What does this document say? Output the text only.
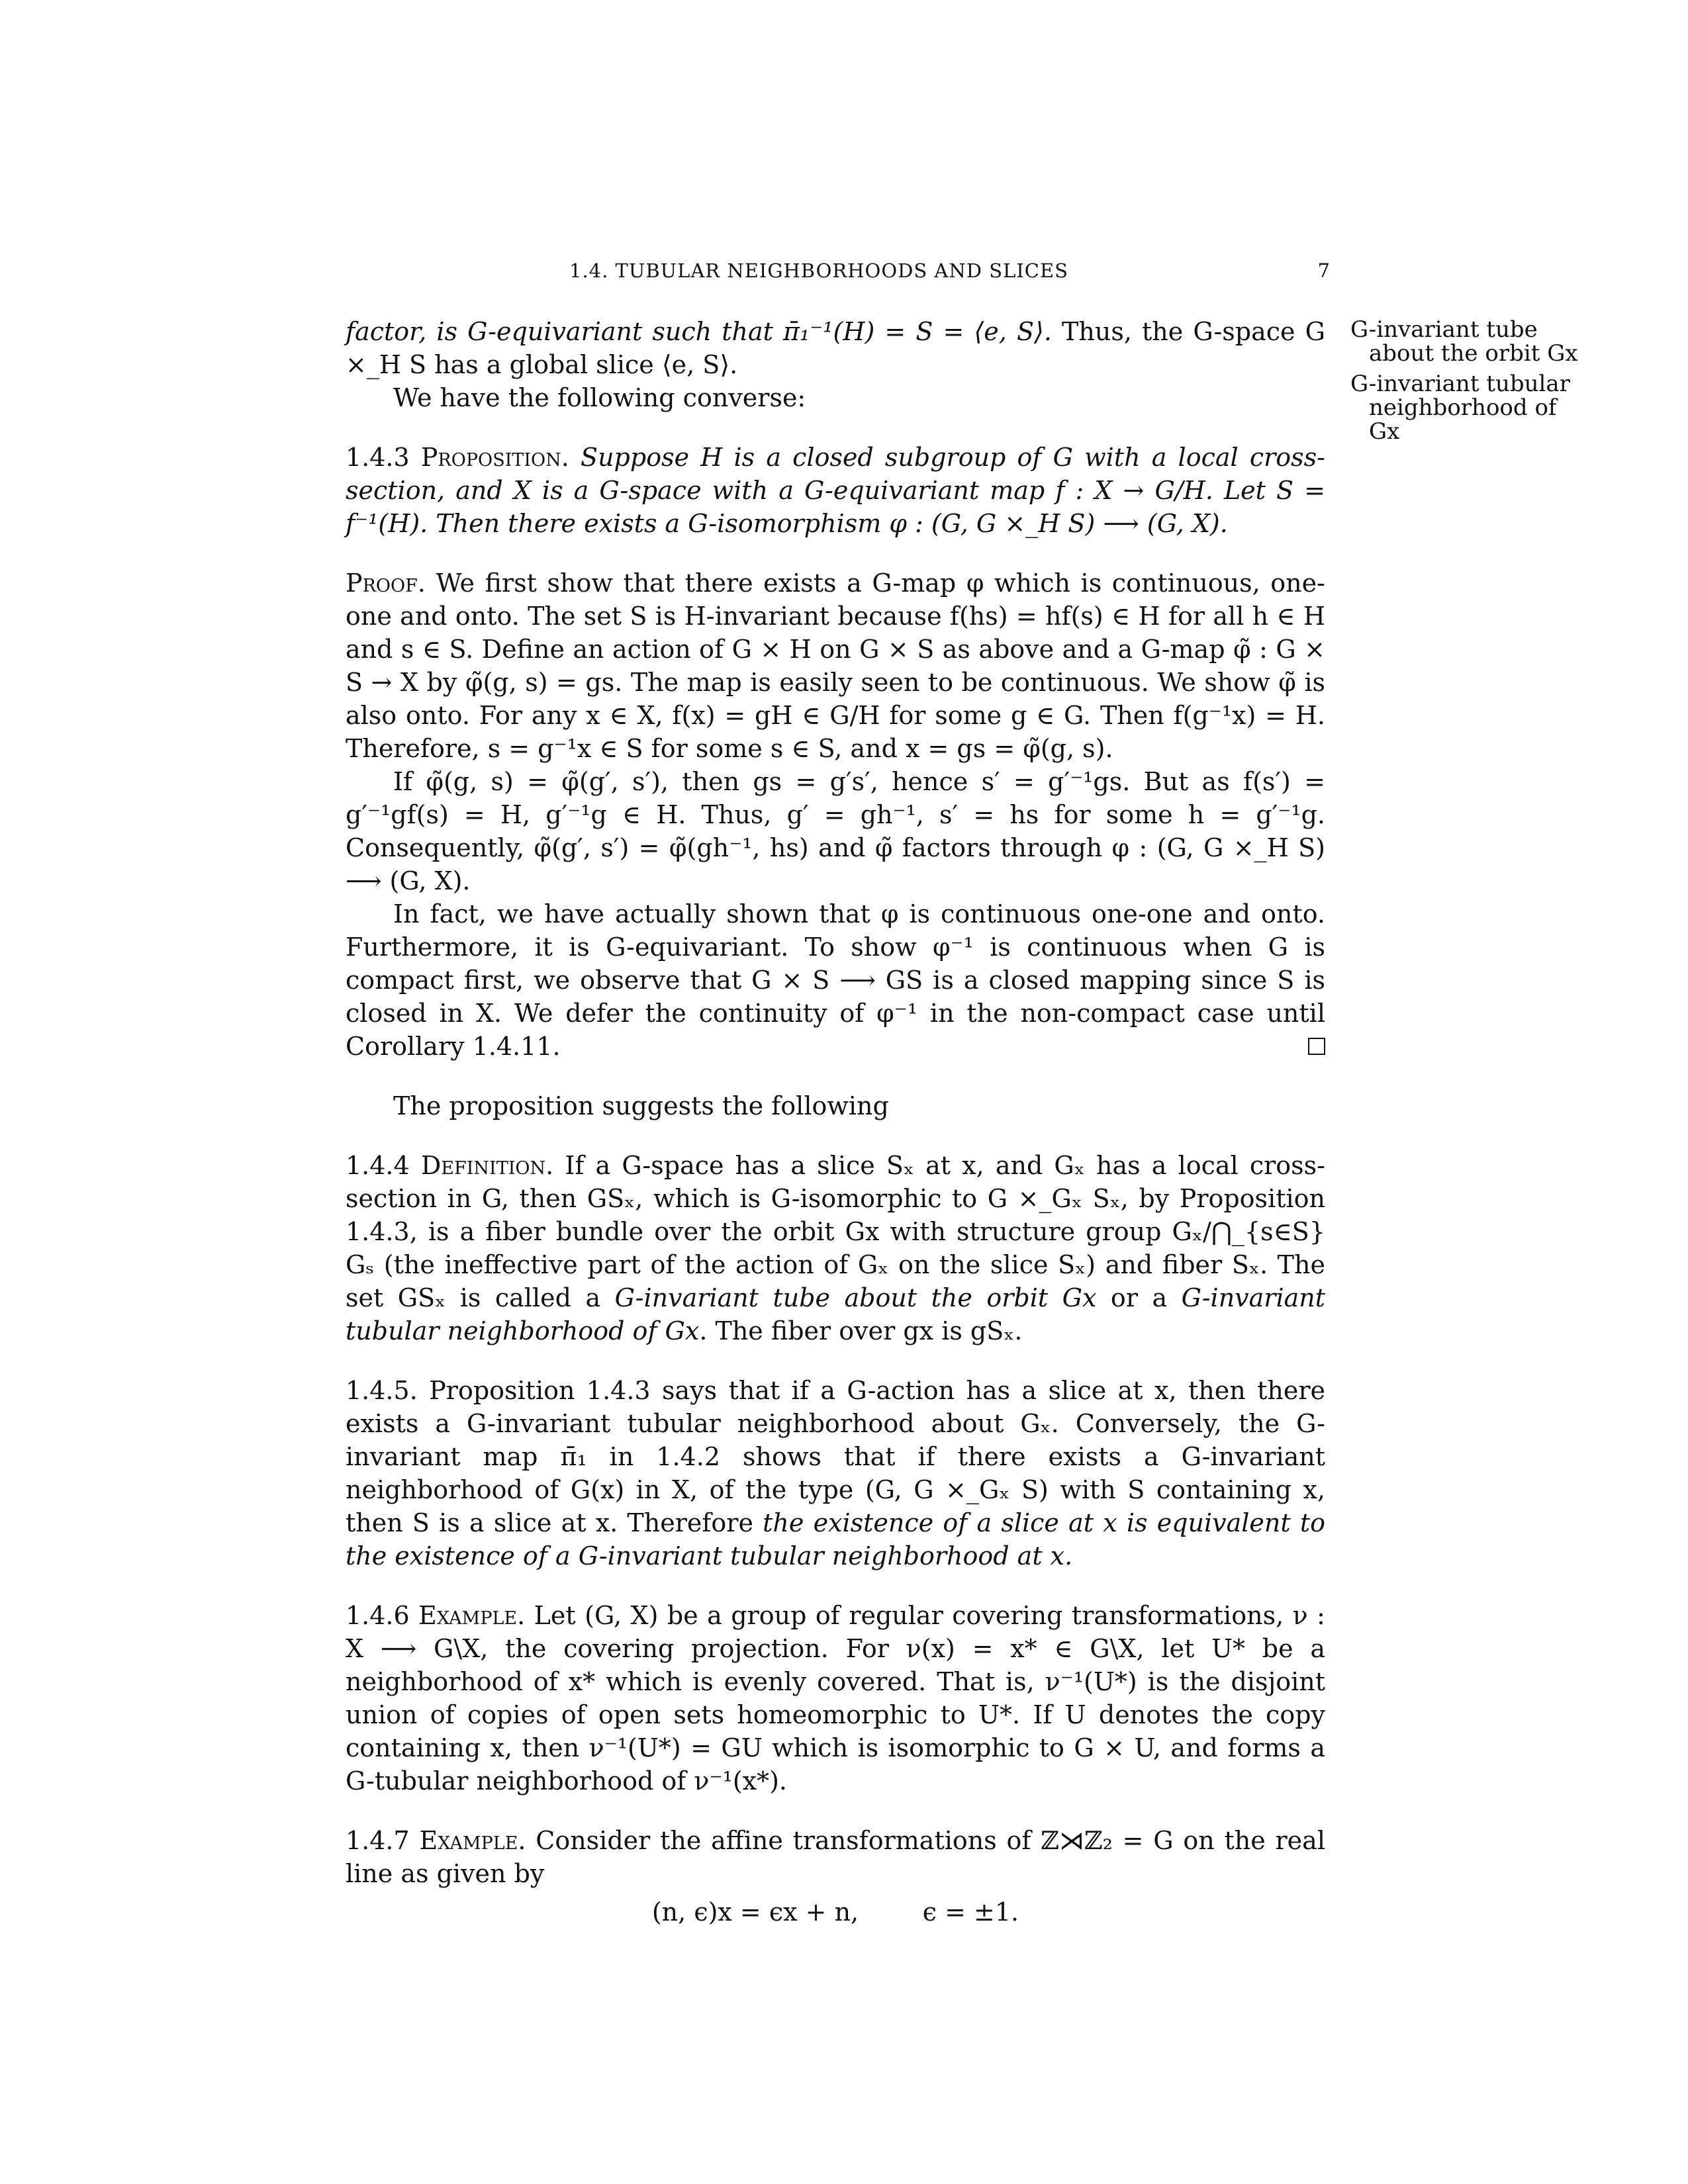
1.4. TUBULAR NEIGHBORHOODS AND SLICES	7
G-invariant tube
about the orbit Gx
G-invariant tubular
neighborhood of
Gx

factor, is G-equivariant such that π̄₁⁻¹(H) = S = ⟨e, S⟩. Thus, the G-space G ×_H S has a global slice ⟨e, S⟩.

We have the following converse:

1.4.3 Proposition. Suppose H is a closed subgroup of G with a local cross-section, and X is a G-space with a G-equivariant map f : X → G/H. Let S = f⁻¹(H). Then there exists a G-isomorphism φ : (G, G ×_H S) ⟶ (G, X).

Proof. We first show that there exists a G-map φ which is continuous, one-one and onto. The set S is H-invariant because f(hs) = hf(s) ∈ H for all h ∈ H and s ∈ S. Define an action of G × H on G × S as above and a G-map φ̃ : G × S → X by φ̃(g, s) = gs. The map is easily seen to be continuous. We show φ̃ is also onto. For any x ∈ X, f(x) = gH ∈ G/H for some g ∈ G. Then f(g⁻¹x) = H. Therefore, s = g⁻¹x ∈ S for some s ∈ S, and x = gs = φ̃(g, s).

If φ̃(g, s) = φ̃(g′, s′), then gs = g′s′, hence s′ = g′⁻¹gs. But as f(s′) = g′⁻¹gf(s) = H, g′⁻¹g ∈ H. Thus, g′ = gh⁻¹, s′ = hs for some h = g′⁻¹g. Consequently, φ̃(g′, s′) = φ̃(gh⁻¹, hs) and φ̃ factors through φ : (G, G ×_H S) ⟶ (G, X).

In fact, we have actually shown that φ is continuous one-one and onto. Furthermore, it is G-equivariant. To show φ⁻¹ is continuous when G is compact first, we observe that G × S ⟶ GS is a closed mapping since S is closed in X. We defer the continuity of φ⁻¹ in the non-compact case until Corollary 1.4.11.

The proposition suggests the following

1.4.4 Definition. If a G-space has a slice Sₓ at x, and Gₓ has a local cross-section in G, then GSₓ, which is G-isomorphic to G ×_Gₓ Sₓ, by Proposition 1.4.3, is a fiber bundle over the orbit Gx with structure group Gₓ/⋂_{s∈S} Gₛ (the ineffective part of the action of Gₓ on the slice Sₓ) and fiber Sₓ. The set GSₓ is called a G-invariant tube about the orbit Gx or a G-invariant tubular neighborhood of Gx. The fiber over gx is gSₓ.

1.4.5. Proposition 1.4.3 says that if a G-action has a slice at x, then there exists a G-invariant tubular neighborhood about Gₓ. Conversely, the G-invariant map π̄₁ in 1.4.2 shows that if there exists a G-invariant neighborhood of G(x) in X, of the type (G, G ×_Gₓ S) with S containing x, then S is a slice at x. Therefore the existence of a slice at x is equivalent to the existence of a G-invariant tubular neighborhood at x.

1.4.6 Example. Let (G, X) be a group of regular covering transformations, ν : X ⟶ G\X, the covering projection. For ν(x) = x* ∈ G\X, let U* be a neighborhood of x* which is evenly covered. That is, ν⁻¹(U*) is the disjoint union of copies of open sets homeomorphic to U*. If U denotes the copy containing x, then ν⁻¹(U*) = GU which is isomorphic to G × U, and forms a G-tubular neighborhood of ν⁻¹(x*).

1.4.7 Example. Consider the affine transformations of ℤ⋊ℤ₂ = G on the real line as given by

(n, ϵ)x = ϵx + n,        ϵ = ±1.
